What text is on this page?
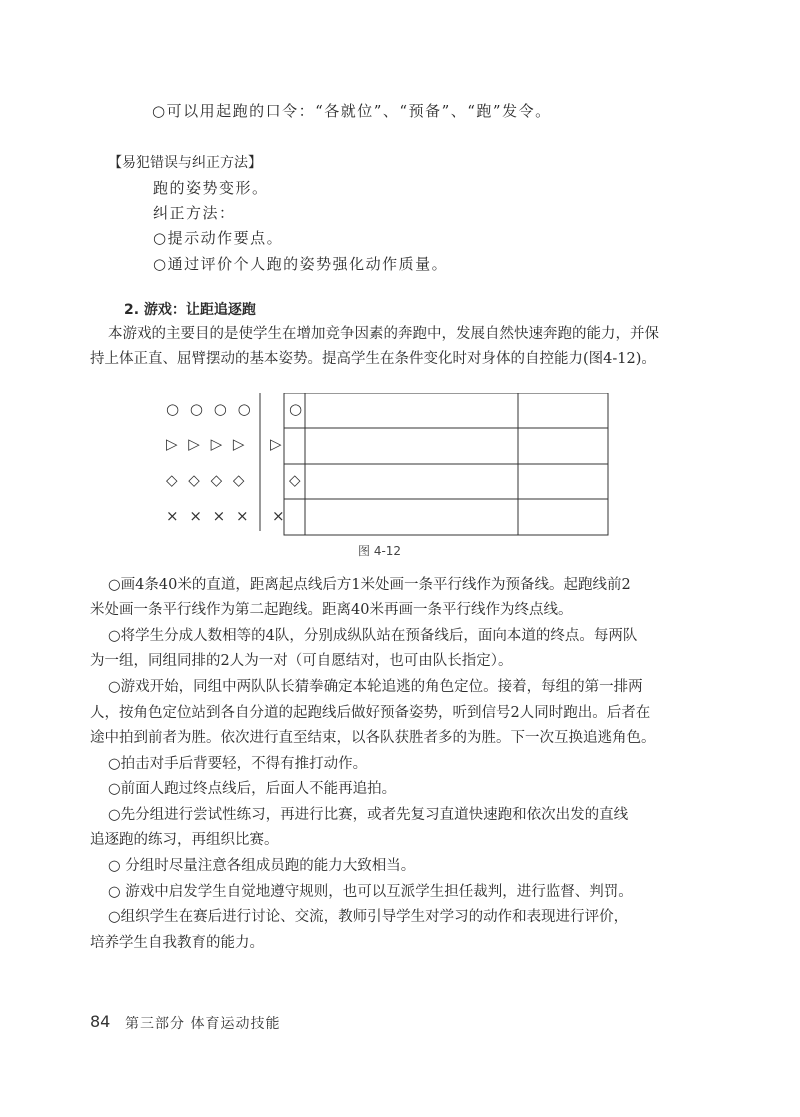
○可以用起跑的口令：“各就位”、“预备”、“跑”发令。
【易犯错误与纠正方法】
跑的姿势变形。
纠正方法：
○提示动作要点。
○通过评价个人跑的姿势强化动作质量。
2. 游戏：让距追逐跑
本游戏的主要目的是使学生在增加竞争因素的奔跑中，发展自然快速奔跑的能力，并保
持上体正直、屈臂摆动的基本姿势。提高学生在条件变化时对身体的自控能力(图4-12)。
○ ○ ○ ○
▷ ▷ ▷ ▷
◇ ◇ ◇ ◇
× × × ×
○
▷
◇
×
图 4-12
○画4条40米的直道，距离起点线后方1米处画一条平行线作为预备线。起跑线前2
米处画一条平行线作为第二起跑线。距离40米再画一条平行线作为终点线。
○将学生分成人数相等的4队，分别成纵队站在预备线后，面向本道的终点。每两队
为一组，同组同排的2人为一对（可自愿结对，也可由队长指定）。
○游戏开始，同组中两队队长猜拳确定本轮追逃的角色定位。接着，每组的第一排两
人，按角色定位站到各自分道的起跑线后做好预备姿势，听到信号2人同时跑出。后者在
途中拍到前者为胜。依次进行直至结束，以各队获胜者多的为胜。下一次互换追逃角色。
○拍击对手后背要轻，不得有推打动作。
○前面人跑过终点线后，后面人不能再追拍。
○先分组进行尝试性练习，再进行比赛，或者先复习直道快速跑和依次出发的直线
追逐跑的练习，再组织比赛。
○ 分组时尽量注意各组成员跑的能力大致相当。
○ 游戏中启发学生自觉地遵守规则，也可以互派学生担任裁判，进行监督、判罚。
○组织学生在赛后进行讨论、交流，教师引导学生对学习的动作和表现进行评价，
培养学生自我教育的能力。
84 第三部分 体育运动技能
